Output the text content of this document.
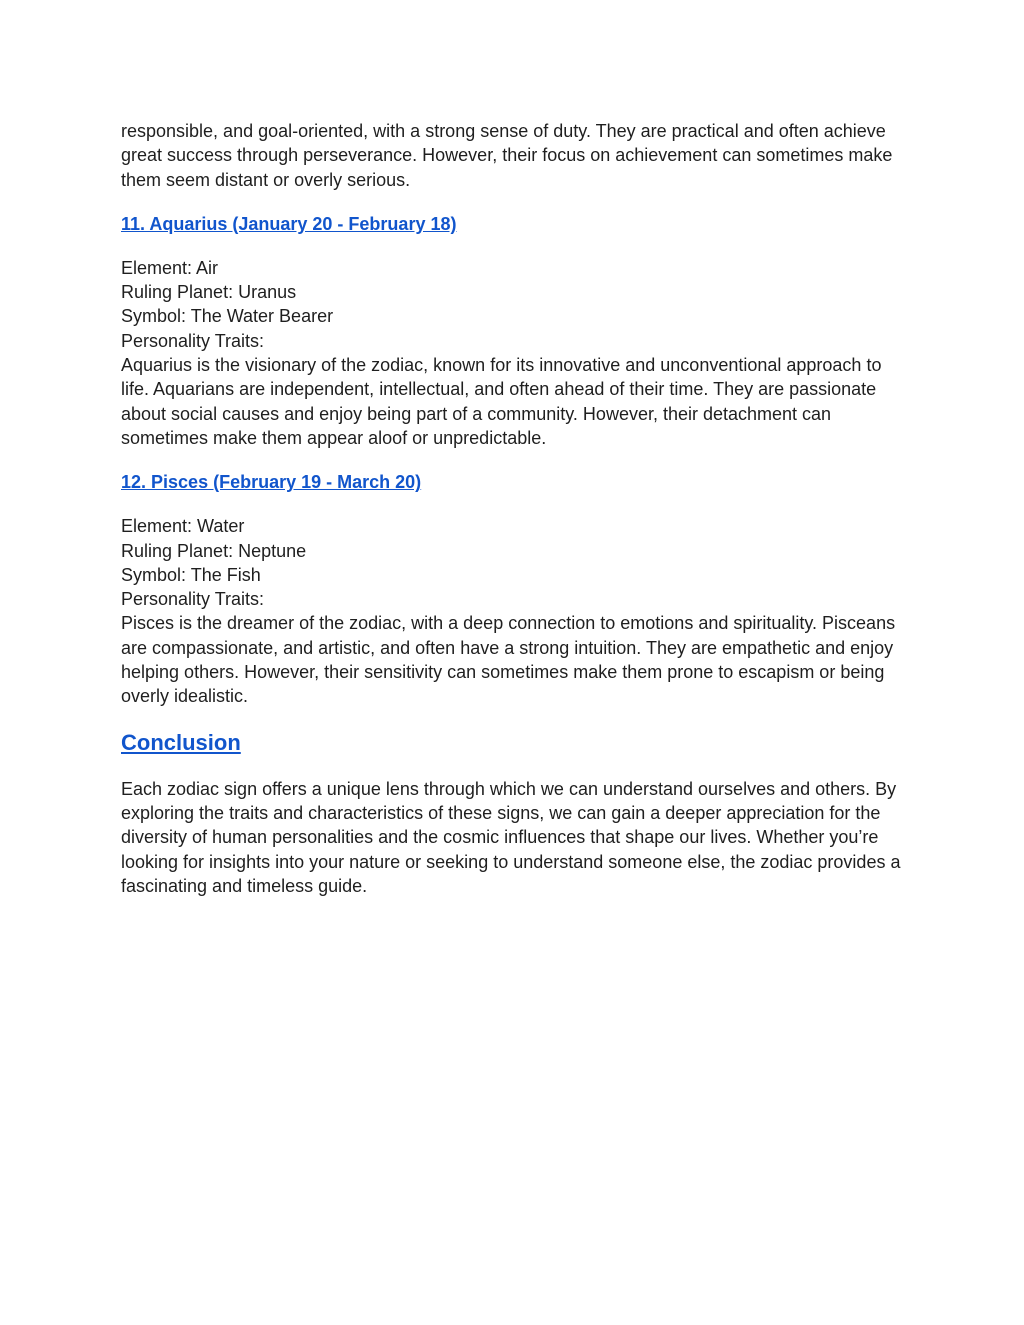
responsible, and goal-oriented, with a strong sense of duty. They are practical and often achieve great success through perseverance. However, their focus on achievement can sometimes make them seem distant or overly serious.

11. Aquarius (January 20 - February 18)

Element: Air
Ruling Planet: Uranus
Symbol: The Water Bearer
Personality Traits:
Aquarius is the visionary of the zodiac, known for its innovative and unconventional approach to life. Aquarians are independent, intellectual, and often ahead of their time. They are passionate about social causes and enjoy being part of a community. However, their detachment can sometimes make them appear aloof or unpredictable.

12. Pisces (February 19 - March 20)

Element: Water
Ruling Planet: Neptune
Symbol: The Fish
Personality Traits:
Pisces is the dreamer of the zodiac, with a deep connection to emotions and spirituality. Pisceans are compassionate, and artistic, and often have a strong intuition. They are empathetic and enjoy helping others. However, their sensitivity can sometimes make them prone to escapism or being overly idealistic.

Conclusion

Each zodiac sign offers a unique lens through which we can understand ourselves and others. By exploring the traits and characteristics of these signs, we can gain a deeper appreciation for the diversity of human personalities and the cosmic influences that shape our lives. Whether you’re looking for insights into your nature or seeking to understand someone else, the zodiac provides a fascinating and timeless guide.
